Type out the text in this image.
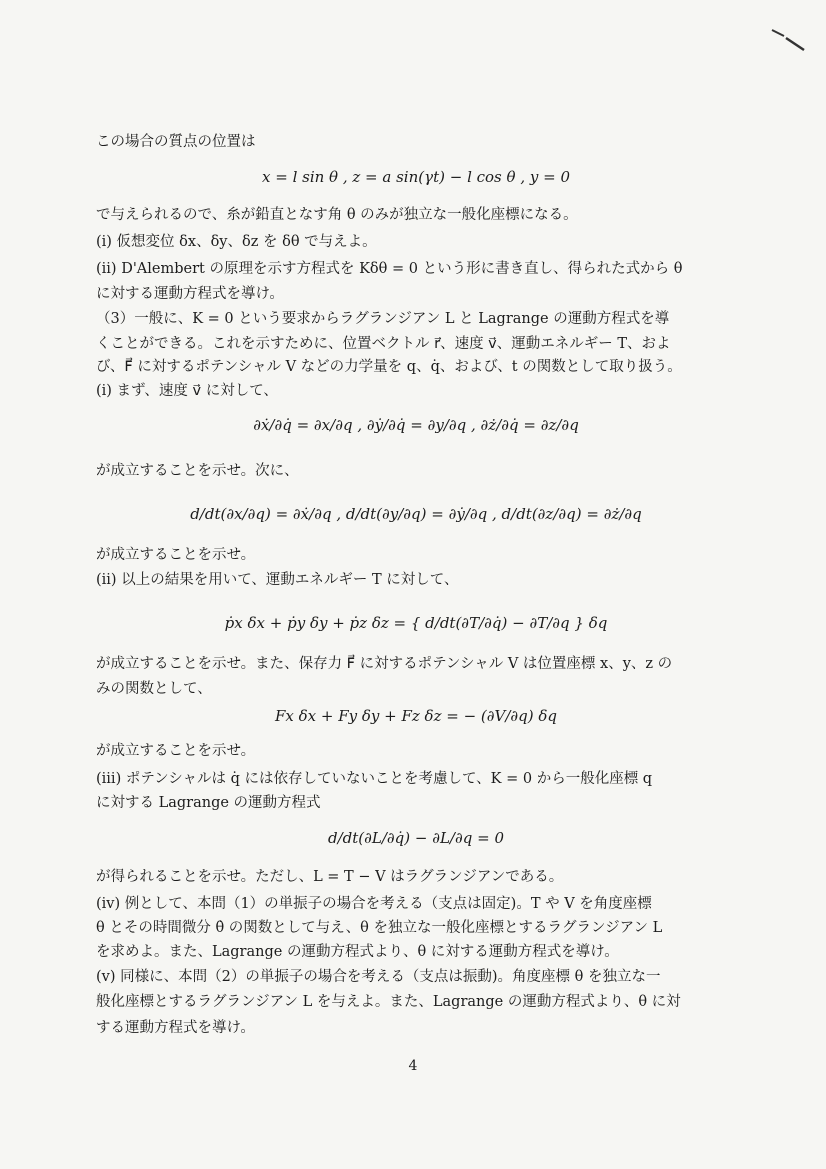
この場合の質点の位置は
x = l sin θ , z = a sin(γt) − l cos θ , y = 0
で与えられるので、糸が鉛直となす角 θ のみが独立な一般化座標になる。
(i) 仮想変位 δx、δy、δz を δθ で与えよ。
(ii) D'Alembert の原理を示す方程式を Kδθ = 0 という形に書き直し、得られた式から θ
に対する運動方程式を導け。
（3）一般に、K = 0 という要求からラグランジアン L と Lagrange の運動方程式を導
くことができる。これを示すために、位置ベクトル r⃗、速度 v⃗、運動エネルギー T、およ
び、F⃗ に対するポテンシャル V などの力学量を q、q̇、および、t の関数として取り扱う。
(i) まず、速度 v⃗ に対して、
∂ẋ/∂q̇ = ∂x/∂q , ∂ẏ/∂q̇ = ∂y/∂q , ∂ż/∂q̇ = ∂z/∂q
が成立することを示せ。次に、
d/dt(∂x/∂q) = ∂ẋ/∂q , d/dt(∂y/∂q) = ∂ẏ/∂q , d/dt(∂z/∂q) = ∂ż/∂q
が成立することを示せ。
(ii) 以上の結果を用いて、運動エネルギー T に対して、
ṗx δx + ṗy δy + ṗz δz = { d/dt(∂T/∂q̇) − ∂T/∂q } δq
が成立することを示せ。また、保存力 F⃗ に対するポテンシャル V は位置座標 x、y、z の
みの関数として、
Fx δx + Fy δy + Fz δz = − (∂V/∂q) δq
が成立することを示せ。
(iii) ポテンシャルは q̇ には依存していないことを考慮して、K = 0 から一般化座標 q
に対する Lagrange の運動方程式
d/dt(∂L/∂q̇) − ∂L/∂q = 0
が得られることを示せ。ただし、L = T − V はラグランジアンである。
(iv) 例として、本問（1）の単振子の場合を考える（支点は固定)。T や V を角度座標
θ とその時間微分 θ̇ の関数として与え、θ を独立な一般化座標とするラグランジアン L
を求めよ。また、Lagrange の運動方程式より、θ に対する運動方程式を導け。
(v) 同様に、本問（2）の単振子の場合を考える（支点は振動)。角度座標 θ を独立な一
般化座標とするラグランジアン L を与えよ。また、Lagrange の運動方程式より、θ に対
する運動方程式を導け。
4
